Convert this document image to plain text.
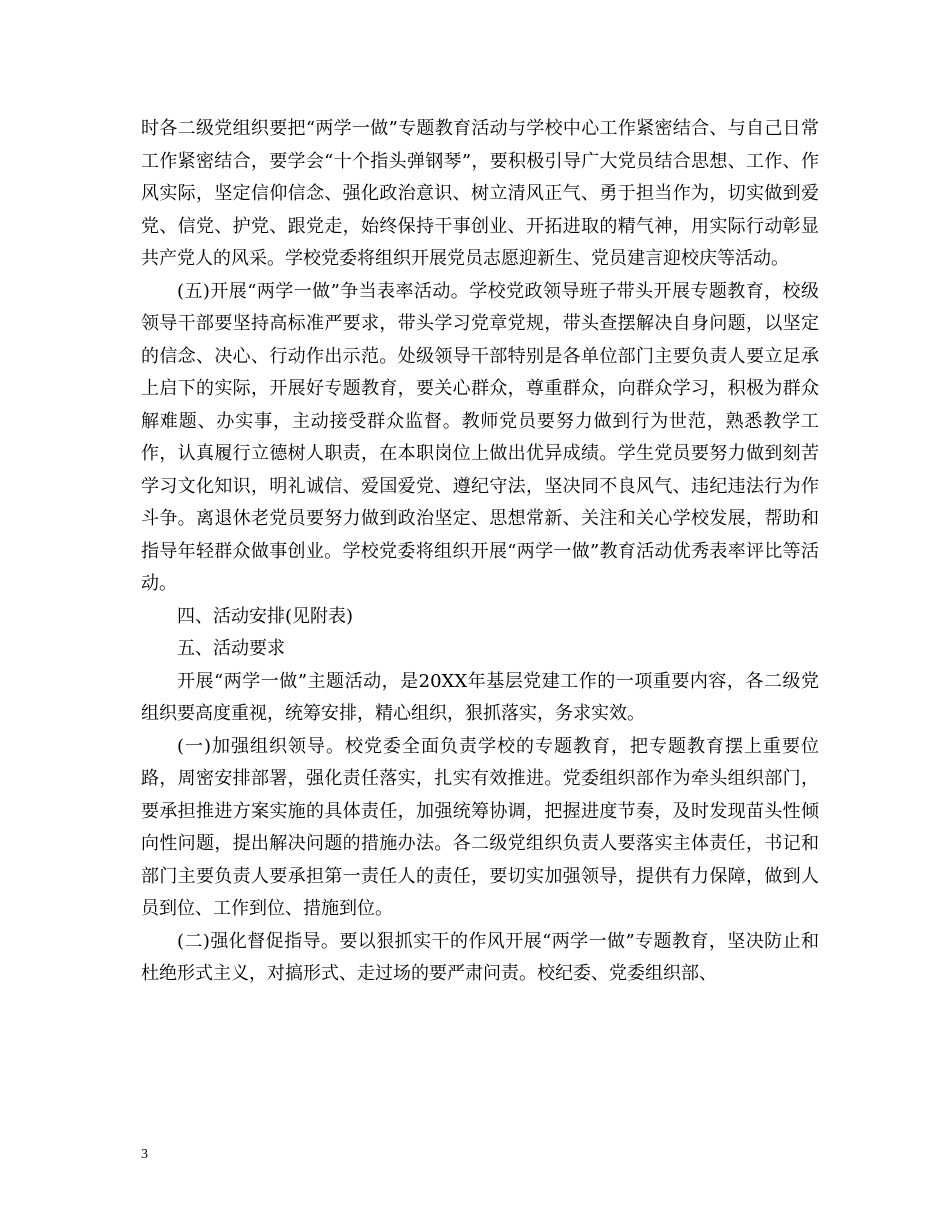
时各二级党组织要把“两学一做”专题教育活动与学校中心工作紧密结合、与自己日常工作紧密结合，要学会“十个指头弹钢琴”，要积极引导广大党员结合思想、工作、作风实际，坚定信仰信念、强化政治意识、树立清风正气、勇于担当作为，切实做到爱党、信党、护党、跟党走，始终保持干事创业、开拓进取的精气神，用实际行动彰显共产党人的风采。学校党委将组织开展党员志愿迎新生、党员建言迎校庆等活动。

(五)开展“两学一做”争当表率活动。学校党政领导班子带头开展专题教育，校级领导干部要坚持高标准严要求，带头学习党章党规，带头查摆解决自身问题，以坚定的信念、决心、行动作出示范。处级领导干部特别是各单位部门主要负责人要立足承上启下的实际，开展好专题教育，要关心群众，尊重群众，向群众学习，积极为群众解难题、办实事，主动接受群众监督。教师党员要努力做到行为世范，熟悉教学工作，认真履行立德树人职责，在本职岗位上做出优异成绩。学生党员要努力做到刻苦学习文化知识，明礼诚信、爱国爱党、遵纪守法，坚决同不良风气、违纪违法行为作斗争。离退休老党员要努力做到政治坚定、思想常新、关注和关心学校发展，帮助和指导年轻群众做事创业。学校党委将组织开展“两学一做”教育活动优秀表率评比等活动。

四、活动安排(见附表)

五、活动要求

开展“两学一做”主题活动，是20XX年基层党建工作的一项重要内容，各二级党组织要高度重视，统筹安排，精心组织，狠抓落实，务求实效。

(一)加强组织领导。校党委全面负责学校的专题教育，把专题教育摆上重要位路，周密安排部署，强化责任落实，扎实有效推进。党委组织部作为牵头组织部门，要承担推进方案实施的具体责任，加强统筹协调，把握进度节奏，及时发现苗头性倾向性问题，提出解决问题的措施办法。各二级党组织负责人要落实主体责任，书记和部门主要负责人要承担第一责任人的责任，要切实加强领导，提供有力保障，做到人员到位、工作到位、措施到位。

(二)强化督促指导。要以狠抓实干的作风开展“两学一做”专题教育，坚决防止和杜绝形式主义，对搞形式、走过场的要严肃问责。校纪委、党委组织部、

3
